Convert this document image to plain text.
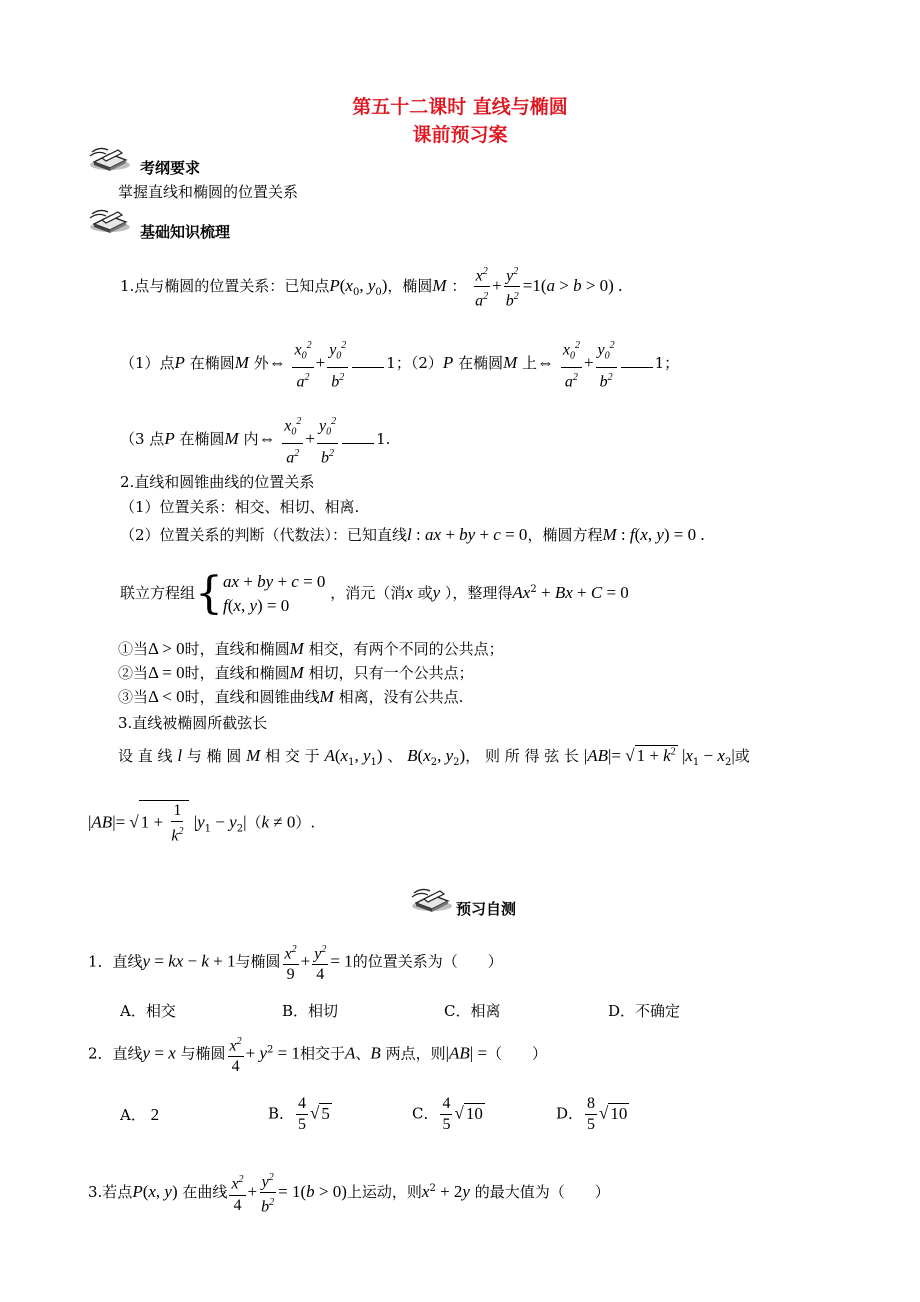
第五十二课时 直线与椭圆
课前预习案
考纲要求
掌握直线和椭圆的位置关系
基础知识梳理
1.点与椭圆的位置关系：已知点$P(x_0$, $y_0$)，椭圆M ： $\frac{x^2}{a^2} + \frac{y^2}{b^2} =1(a > b > 0)$ .
（1）点P 在椭圆M 外⇔ $\frac{x_0^2}{a^2} + \frac{y_0^2}{b^2}$	1；（2）P 在椭圆M 上⇔ $\frac{x_0^2}{a^2} + \frac{y_0^2}{b^2}$	1；
（3 点P 在椭圆M 内⇔ $\frac{x_0^2}{a^2} + \frac{y_0^2}{b^2}$	1.
2.直线和圆锥曲线的位置关系
（1）位置关系：相交、相切、相离.
（2）位置关系的判断（代数法）：已知直线l : ax + by + c = 0，椭圆方程M : f(x, y) = 0 .
联立方程组{ ax + by + c = 0
f(x, y) = 0
，消元（消x 或y ），整理得$Ax^2 + Bx + C = 0$
①当Δ > 0时，直线和椭圆M 相交，有两个不同的公共点；
②当Δ = 0时，直线和椭圆M 相切，只有一个公共点；
③当Δ < 0时，直线和圆锥曲线M 相离，没有公共点.
3.直线被椭圆所截弦长
设 直 线 l 与 椭 圆 M 相 交 于 $A(x_1$, $y_1$) 、 $B(x_2$, $y_2$)， 则 所 得 弦 长 |AB|= √ $1 + k^2$ $|x_1 - x_2|$或
|AB|= √ $1 + \frac{1}{k^2} |y_1 - y_2|(k \ne 0)$.
预习自测
1．直线y = kx − k + 1与椭圆 $\frac{x^2}{9} + \frac{y^2}{4} = 1$的位置关系为（　　）
A．相交	B．相切	C．相离	D．不确定
2．直线y = x 与椭圆 $\frac{x^2}{4} + y^2 = 1$相交于A、B 两点，则|AB| =（　　）
A． 2	B． $\frac{4}{5}$ √ 5	C． $\frac{4}{5}$ √ 10	D． $\frac{8}{5}$ √ 10
3.若点P(x, y) 在曲线 $\frac{x^2}{4} + \frac{y^2}{b^2} = 1(b > 0)$上运动，则$x^2 + 2y$ 的最大值为（　　）
